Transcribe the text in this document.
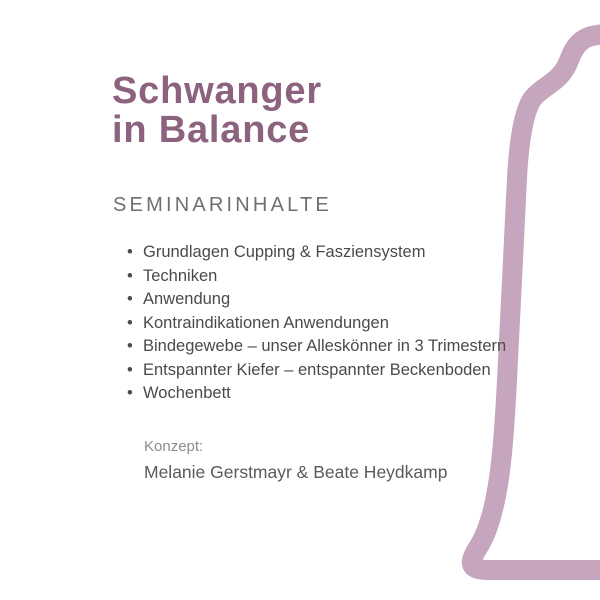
Schwanger
in Balance
SEMINARINHALTE
• Grundlagen Cupping & Fasziensystem
• Techniken
• Anwendung
• Kontraindikationen Anwendungen
• Bindegewebe – unser Alleskönner in 3 Trimestern
• Entspannter Kiefer – entspannter Beckenboden
• Wochenbett
Konzept:
Melanie Gerstmayr & Beate Heydkamp
